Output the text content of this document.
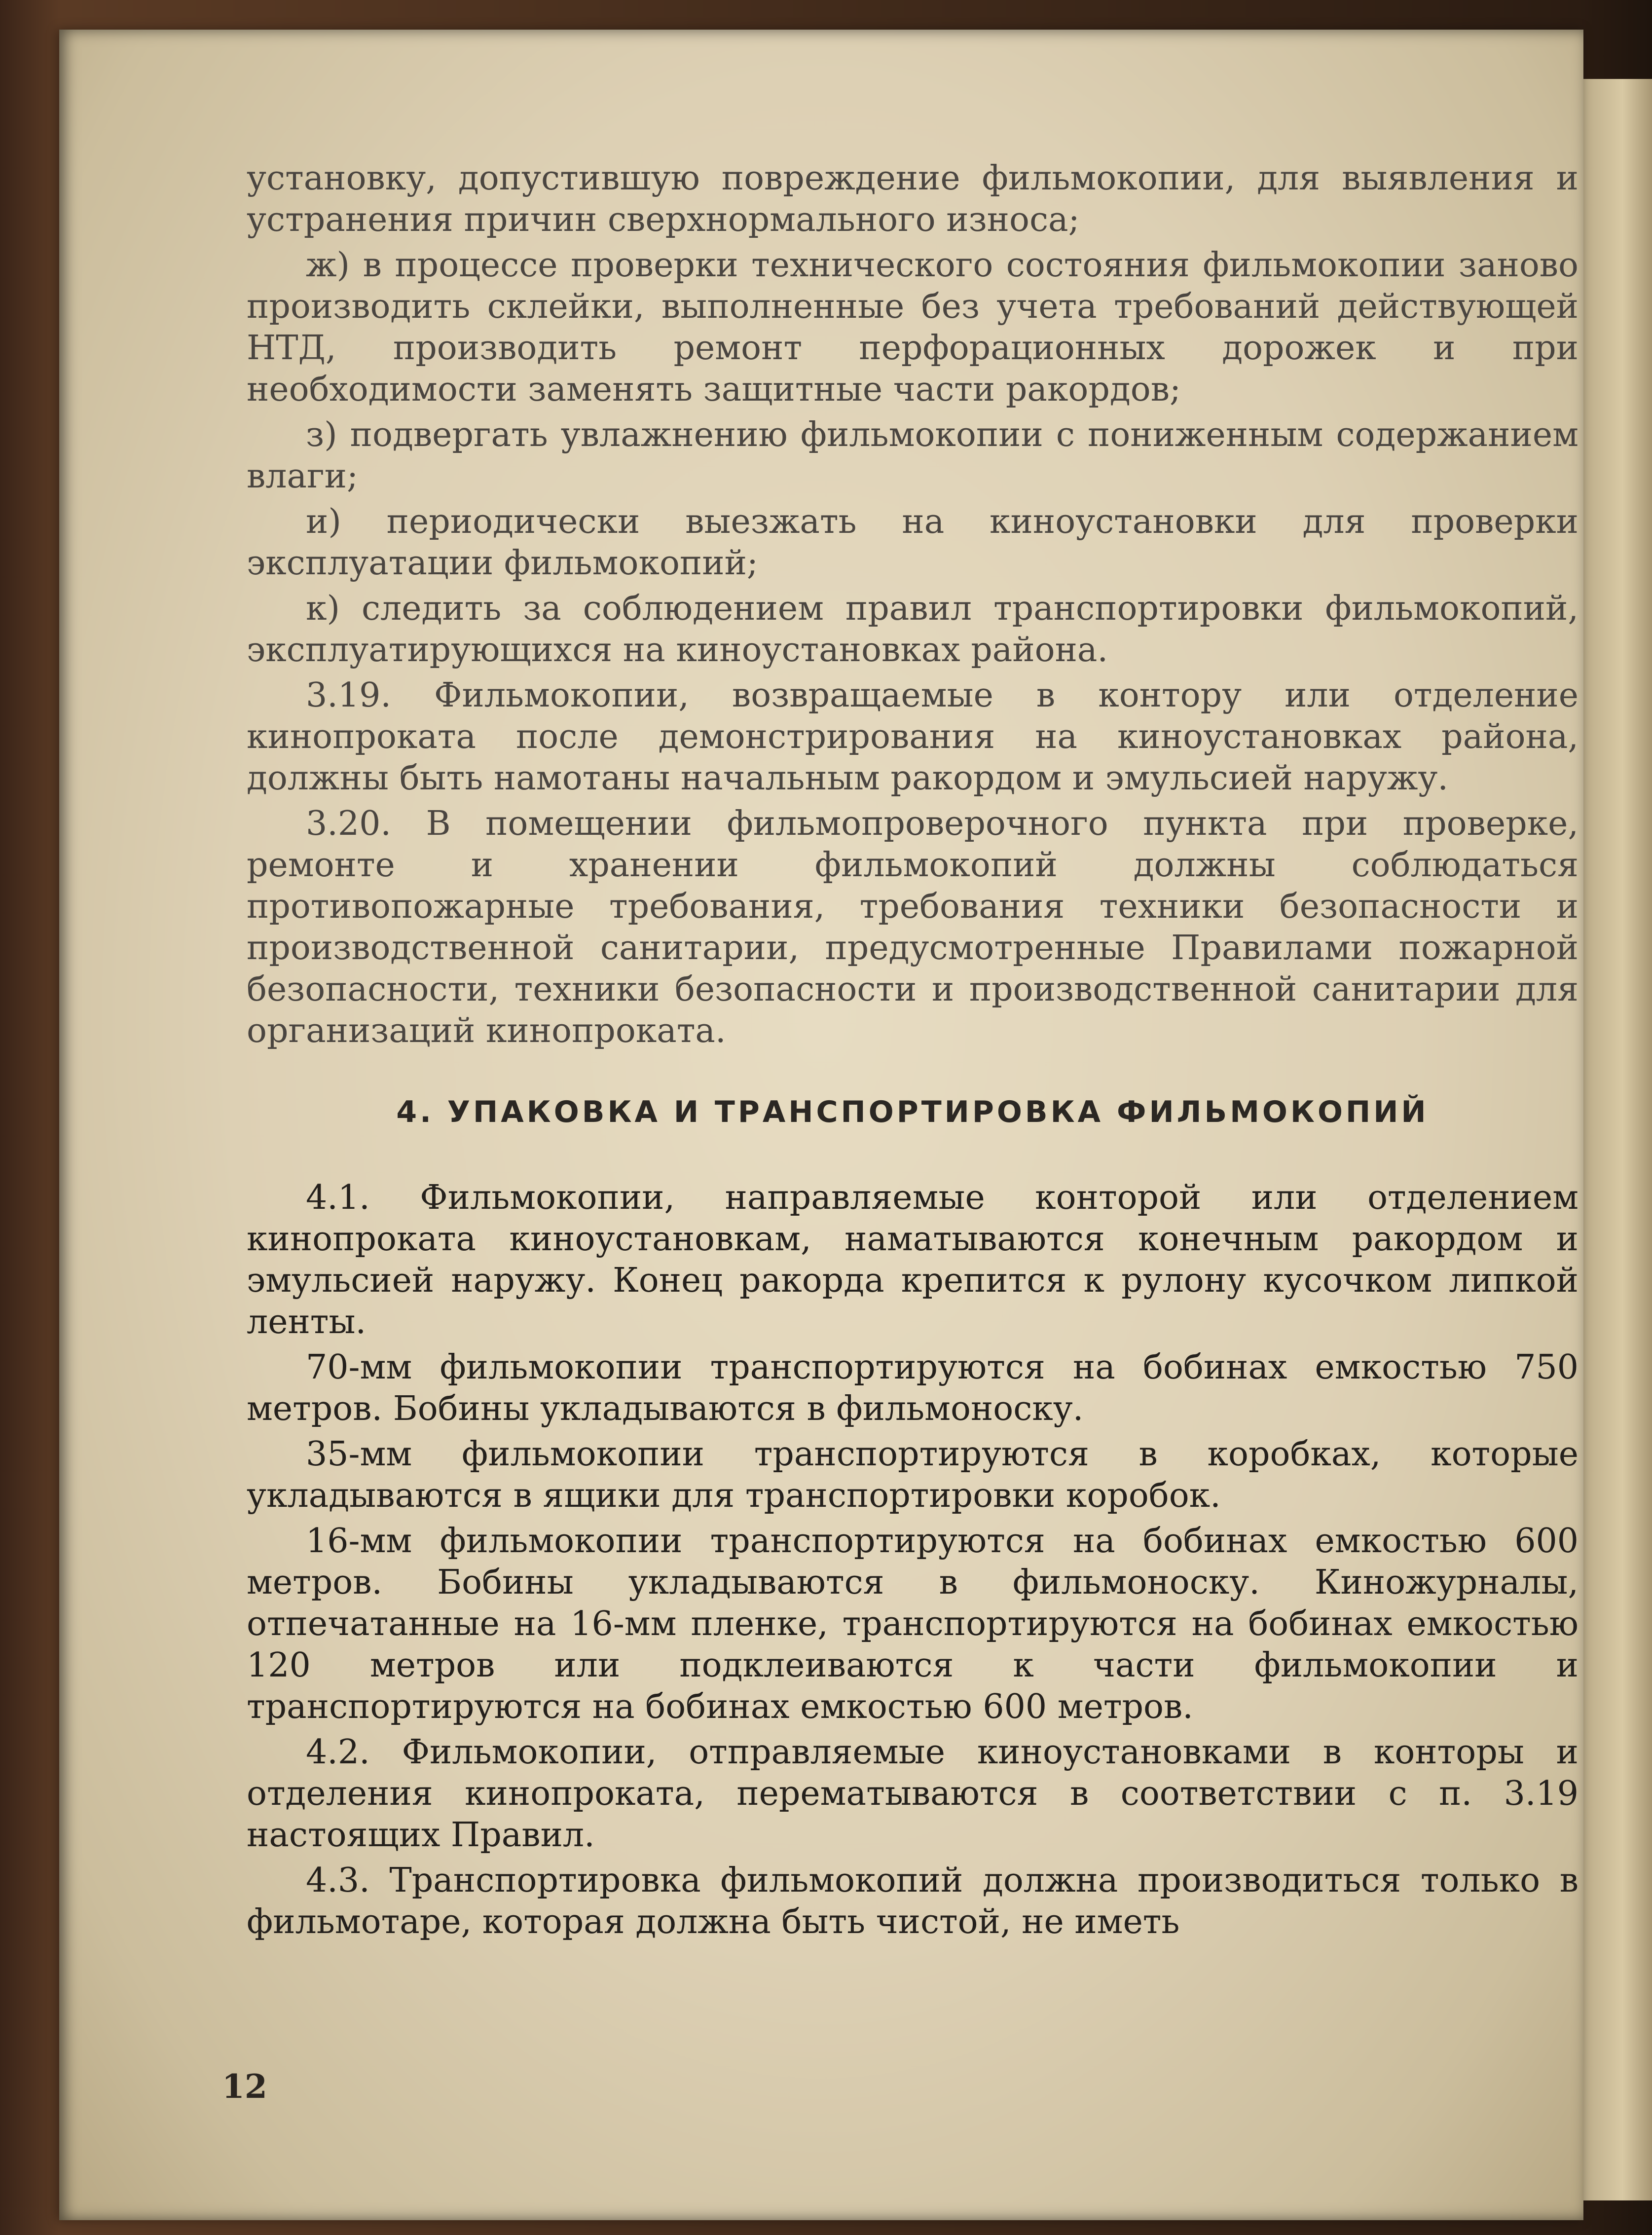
установку, допустившую повреждение фильмокопии, для выявления и устранения причин сверхнормального износа;

ж) в процессе проверки технического состояния фильмокопии заново производить склейки, выполненные без учета требований действующей НТД, производить ремонт перфорационных дорожек и при необходимости заменять защитные части ракордов;

з) подвергать увлажнению фильмокопии с пониженным содержанием влаги;

и) периодически выезжать на киноустановки для проверки эксплуатации фильмокопий;

к) следить за соблюдением правил транспортировки фильмокопий, эксплуатирующихся на киноустановках района.

3.19. Фильмокопии, возвращаемые в контору или отделение кинопроката после демонстрирования на киноустановках района, должны быть намотаны начальным ракордом и эмульсией наружу.

3.20. В помещении фильмопроверочного пункта при проверке, ремонте и хранении фильмокопий должны соблюдаться противопожарные требования, требования техники безопасности и производственной санитарии, предусмотренные Правилами пожарной безопасности, техники безопасности и производственной санитарии для организаций кинопроката.

4. УПАКОВКА И ТРАНСПОРТИРОВКА ФИЛЬМОКОПИЙ

4.1. Фильмокопии, направляемые конторой или отделением кинопроката киноустановкам, наматываются конечным ракордом и эмульсией наружу. Конец ракорда крепится к рулону кусочком липкой ленты.

70-мм фильмокопии транспортируются на бобинах емкостью 750 метров. Бобины укладываются в фильмоноску.

35-мм фильмокопии транспортируются в коробках, которые укладываются в ящики для транспортировки коробок.

16-мм фильмокопии транспортируются на бобинах емкостью 600 метров. Бобины укладываются в фильмоноску. Киножурналы, отпечатанные на 16-мм пленке, транспортируются на бобинах емкостью 120 метров или подклеиваются к части фильмокопии и транспортируются на бобинах емкостью 600 метров.

4.2. Фильмокопии, отправляемые киноустановками в конторы и отделения кинопроката, перематываются в соответствии с п. 3.19 настоящих Правил.

4.3. Транспортировка фильмокопий должна производиться только в фильмотаре, которая должна быть чистой, не иметь

12
